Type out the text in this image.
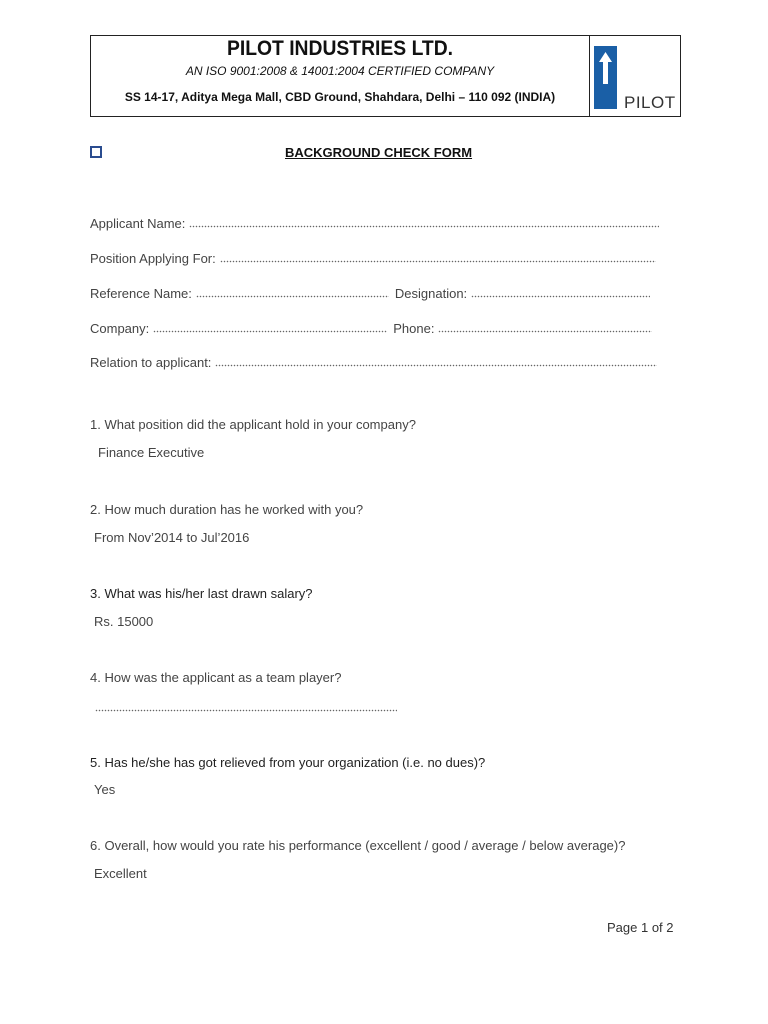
PILOT INDUSTRIES LTD.
AN ISO 9001:2008 & 14001:2004 CERTIFIED COMPANY
SS 14-17, Aditya Mega Mall, CBD Ground, Shahdara, Delhi – 110 092 (INDIA)	PILOT
BACKGROUND CHECK FORM
Applicant Name:
Position Applying For:
Reference Name:	Designation:
Company:	Phone:
Relation to applicant:
1. What position did the applicant hold in your company?
Finance Executive
2. How much duration has he worked with you?
From Nov’2014 to Jul’2016
3. What was his/her last drawn salary?
Rs. 15000
4. How was the applicant as a team player?
5. Has he/she has got relieved from your organization (i.e. no dues)?
Yes
6. Overall, how would you rate his performance (excellent / good / average / below average)?
Excellent
Page 1 of 2
